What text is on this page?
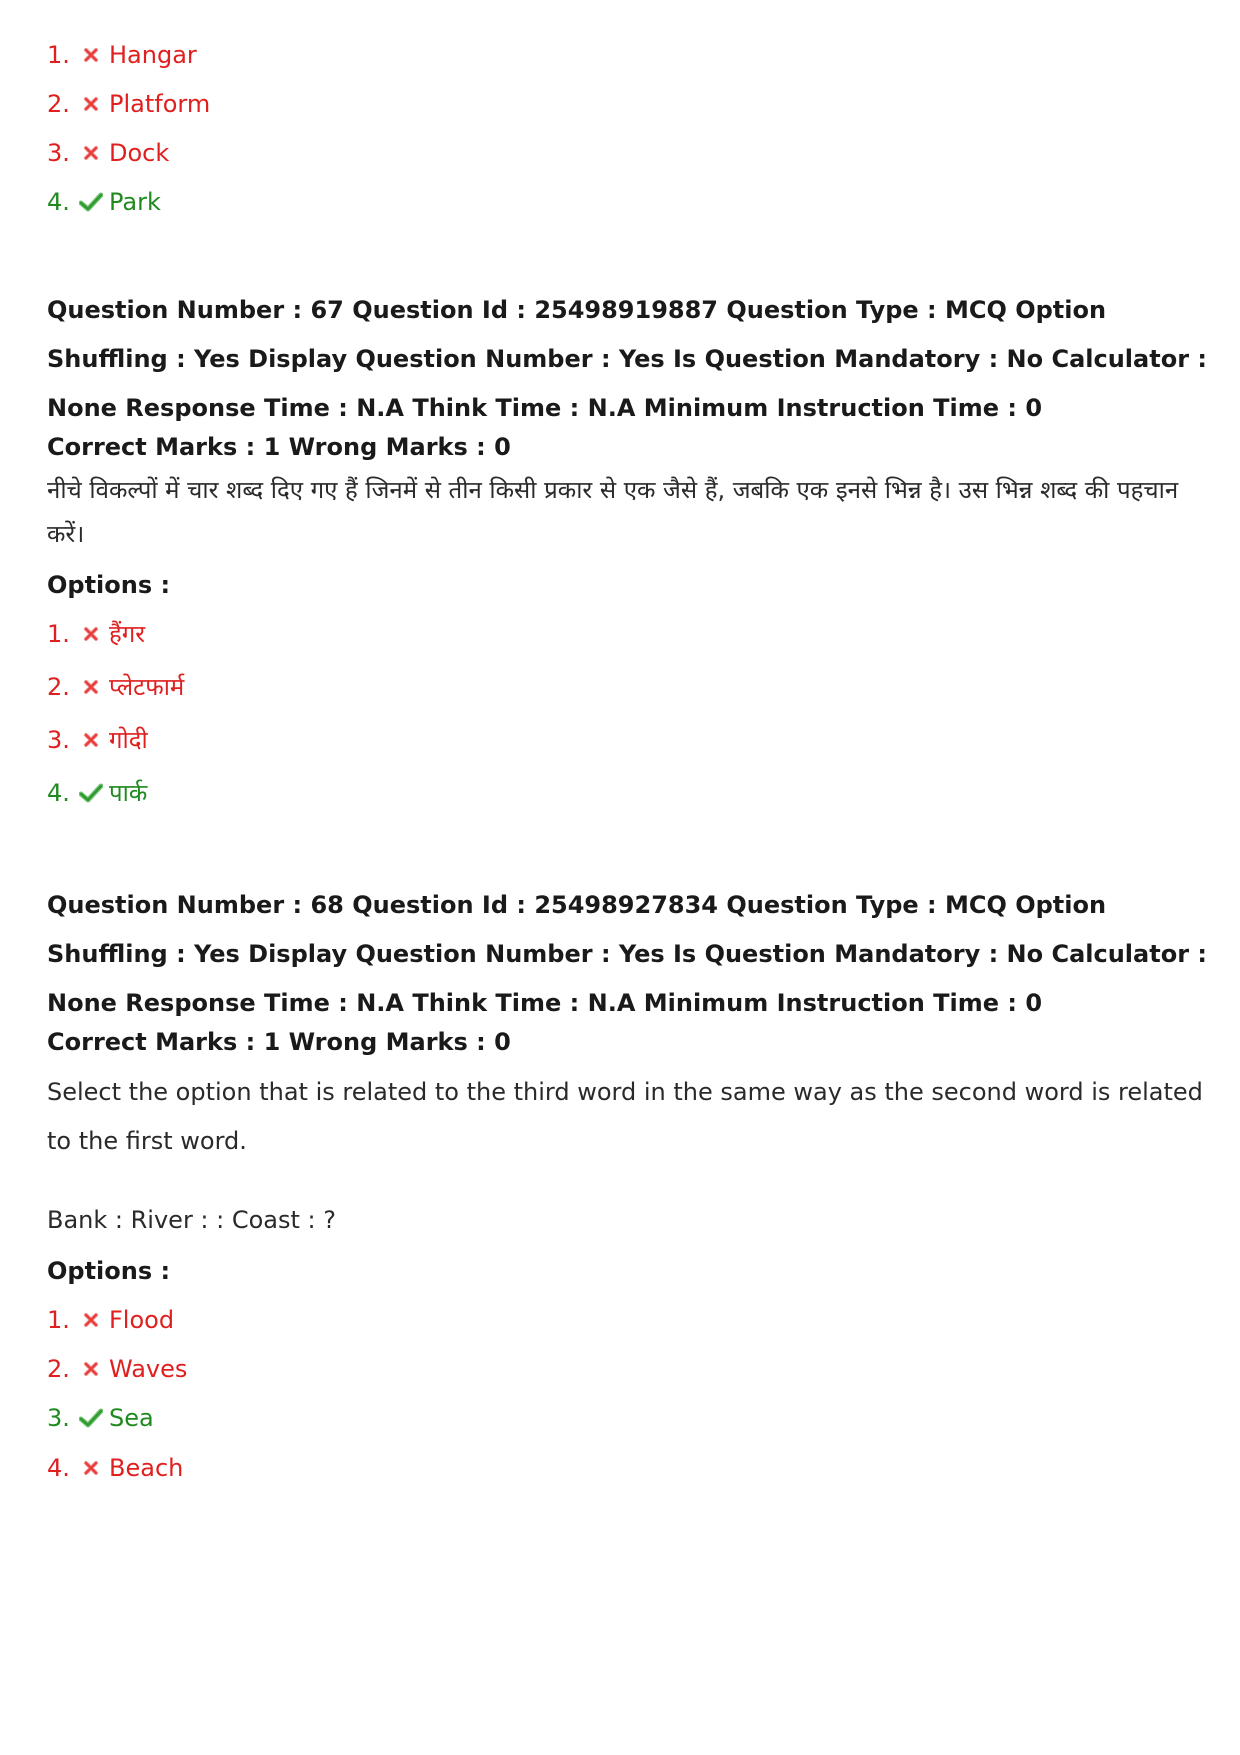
1. Hangar
2. Platform
3. Dock
4. Park
Question Number : 67 Question Id : 25498919887 Question Type : MCQ Option Shuffling : Yes Display Question Number : Yes Is Question Mandatory : No Calculator : None Response Time : N.A Think Time : N.A Minimum Instruction Time : 0
Correct Marks : 1 Wrong Marks : 0
नीचे विकल्पों में चार शब्द दिए गए हैं जिनमें से तीन किसी प्रकार से एक जैसे हैं, जबकि एक इनसे भिन्न है। उस भिन्न शब्द की पहचान करें।
Options :
1. हैंगर
2. प्लेटफार्म
3. गोदी
4. पार्क
Question Number : 68 Question Id : 25498927834 Question Type : MCQ Option Shuffling : Yes Display Question Number : Yes Is Question Mandatory : No Calculator : None Response Time : N.A Think Time : N.A Minimum Instruction Time : 0
Correct Marks : 1 Wrong Marks : 0
Select the option that is related to the third word in the same way as the second word is related to the first word.
Bank : River : : Coast : ?
Options :
1. Flood
2. Waves
3. Sea
4. Beach
